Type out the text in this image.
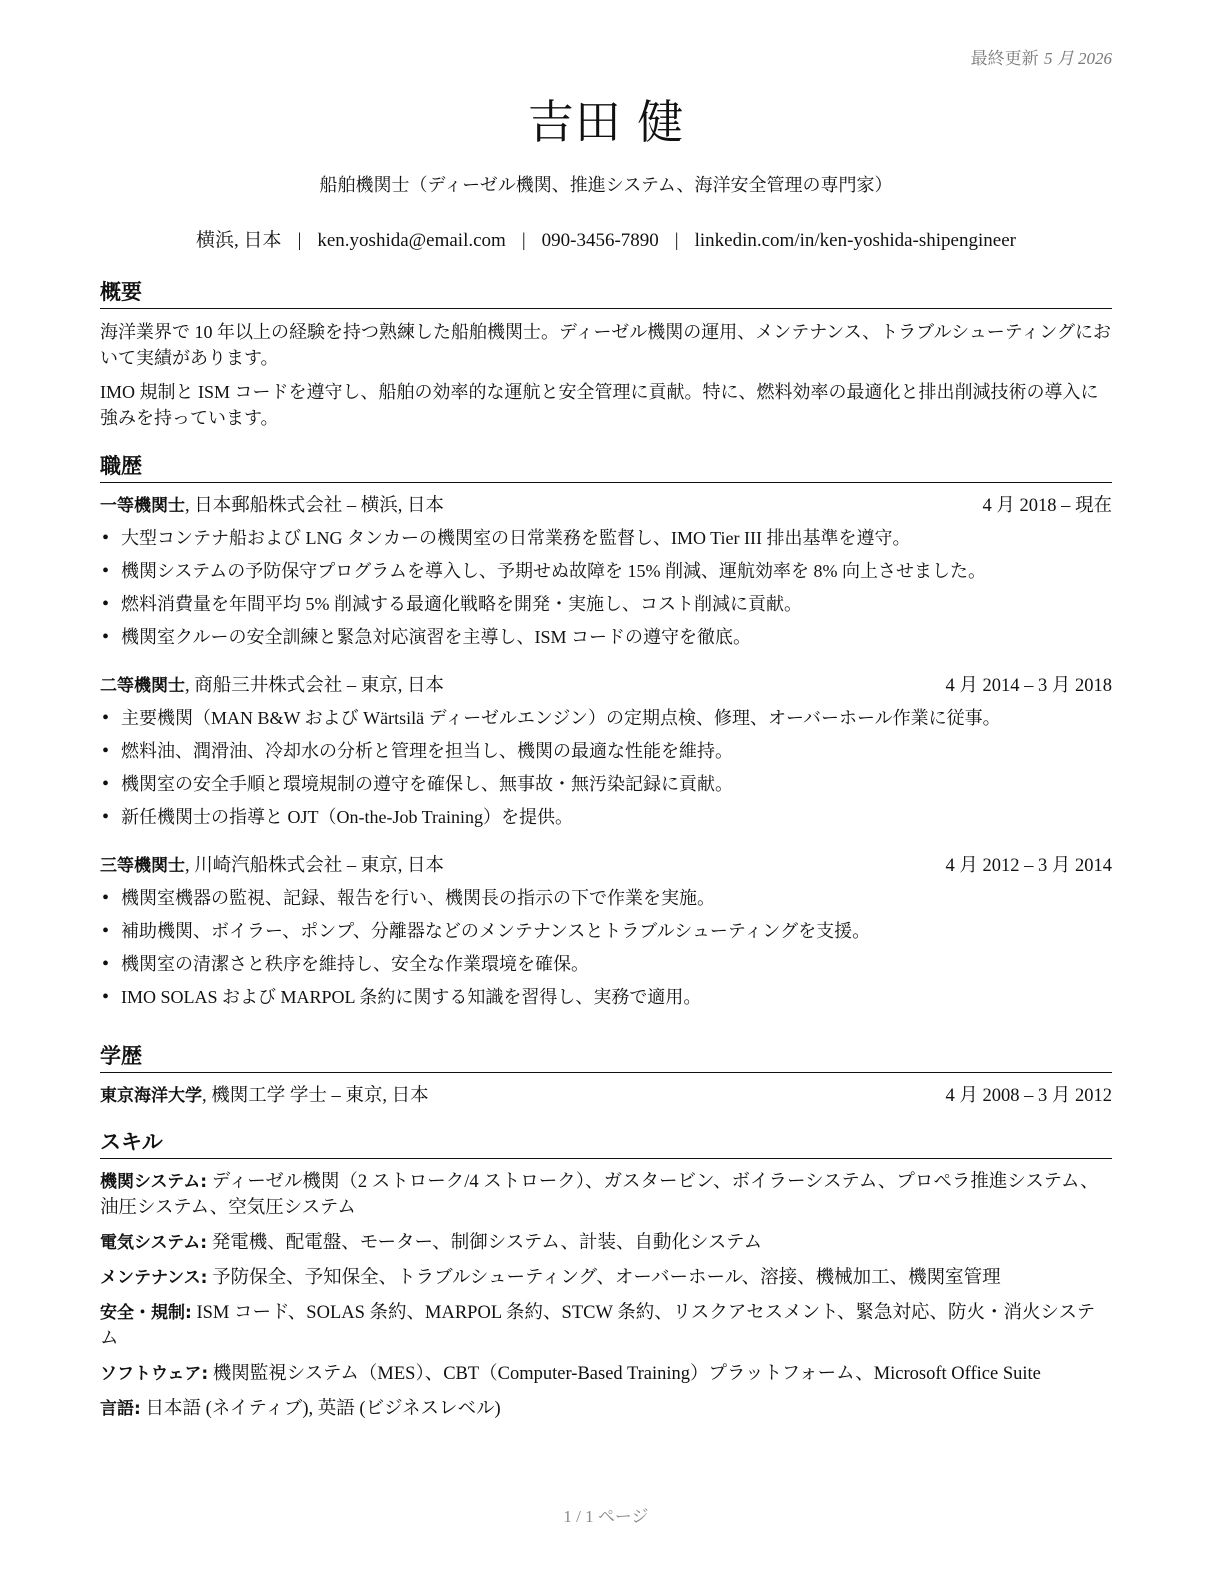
最終更新 5 月 2026
吉田 健
船舶機関士（ディーゼル機関、推進システム、海洋安全管理の専門家）
横浜, 日本 | ken.yoshida@email.com | 090-3456-7890 | linkedin.com/in/ken-yoshida-shipengineer
概要

海洋業界で 10 年以上の経験を持つ熟練した船舶機関士。ディーゼル機関の運用、メンテナンス、トラブルシューティングにおいて実績があります。

IMO 規制と ISM コードを遵守し、船舶の効率的な運航と安全管理に貢献。特に、燃料効率の最適化と排出削減技術の導入に強みを持っています。

職歴
一等機関士, 日本郵船株式会社 – 横浜, 日本	4 月 2018 – 現在
• 大型コンテナ船および LNG タンカーの機関室の日常業務を監督し、IMO Tier III 排出基準を遵守。
• 機関システムの予防保守プログラムを導入し、予期せぬ故障を 15% 削減、運航効率を 8% 向上させました。
• 燃料消費量を年間平均 5% 削減する最適化戦略を開発・実施し、コスト削減に貢献。
• 機関室クルーの安全訓練と緊急対応演習を主導し、ISM コードの遵守を徹底。
二等機関士, 商船三井株式会社 – 東京, 日本	4 月 2014 – 3 月 2018
• 主要機関（MAN B&W および Wärtsilä ディーゼルエンジン）の定期点検、修理、オーバーホール作業に従事。
• 燃料油、潤滑油、冷却水の分析と管理を担当し、機関の最適な性能を維持。
• 機関室の安全手順と環境規制の遵守を確保し、無事故・無汚染記録に貢献。
• 新任機関士の指導と OJT（On-the-Job Training）を提供。
三等機関士, 川崎汽船株式会社 – 東京, 日本	4 月 2012 – 3 月 2014
• 機関室機器の監視、記録、報告を行い、機関長の指示の下で作業を実施。
• 補助機関、ボイラー、ポンプ、分離器などのメンテナンスとトラブルシューティングを支援。
• 機関室の清潔さと秩序を維持し、安全な作業環境を確保。
• IMO SOLAS および MARPOL 条約に関する知識を習得し、実務で適用。
学歴
東京海洋大学, 機関工学 学士 – 東京, 日本	4 月 2008 – 3 月 2012
スキル

機関システム: ディーゼル機関（2 ストローク/4 ストローク）、ガスタービン、ボイラーシステム、プロペラ推進システム、油圧システム、空気圧システム

電気システム: 発電機、配電盤、モーター、制御システム、計装、自動化システム

メンテナンス: 予防保全、予知保全、トラブルシューティング、オーバーホール、溶接、機械加工、機関室管理

安全・規制: ISM コード、SOLAS 条約、MARPOL 条約、STCW 条約、リスクアセスメント、緊急対応、防火・消火システム

ソフトウェア: 機関監視システム（MES）、CBT（Computer-Based Training）プラットフォーム、Microsoft Office Suite

言語: 日本語 (ネイティブ), 英語 (ビジネスレベル)

1 / 1 ページ
